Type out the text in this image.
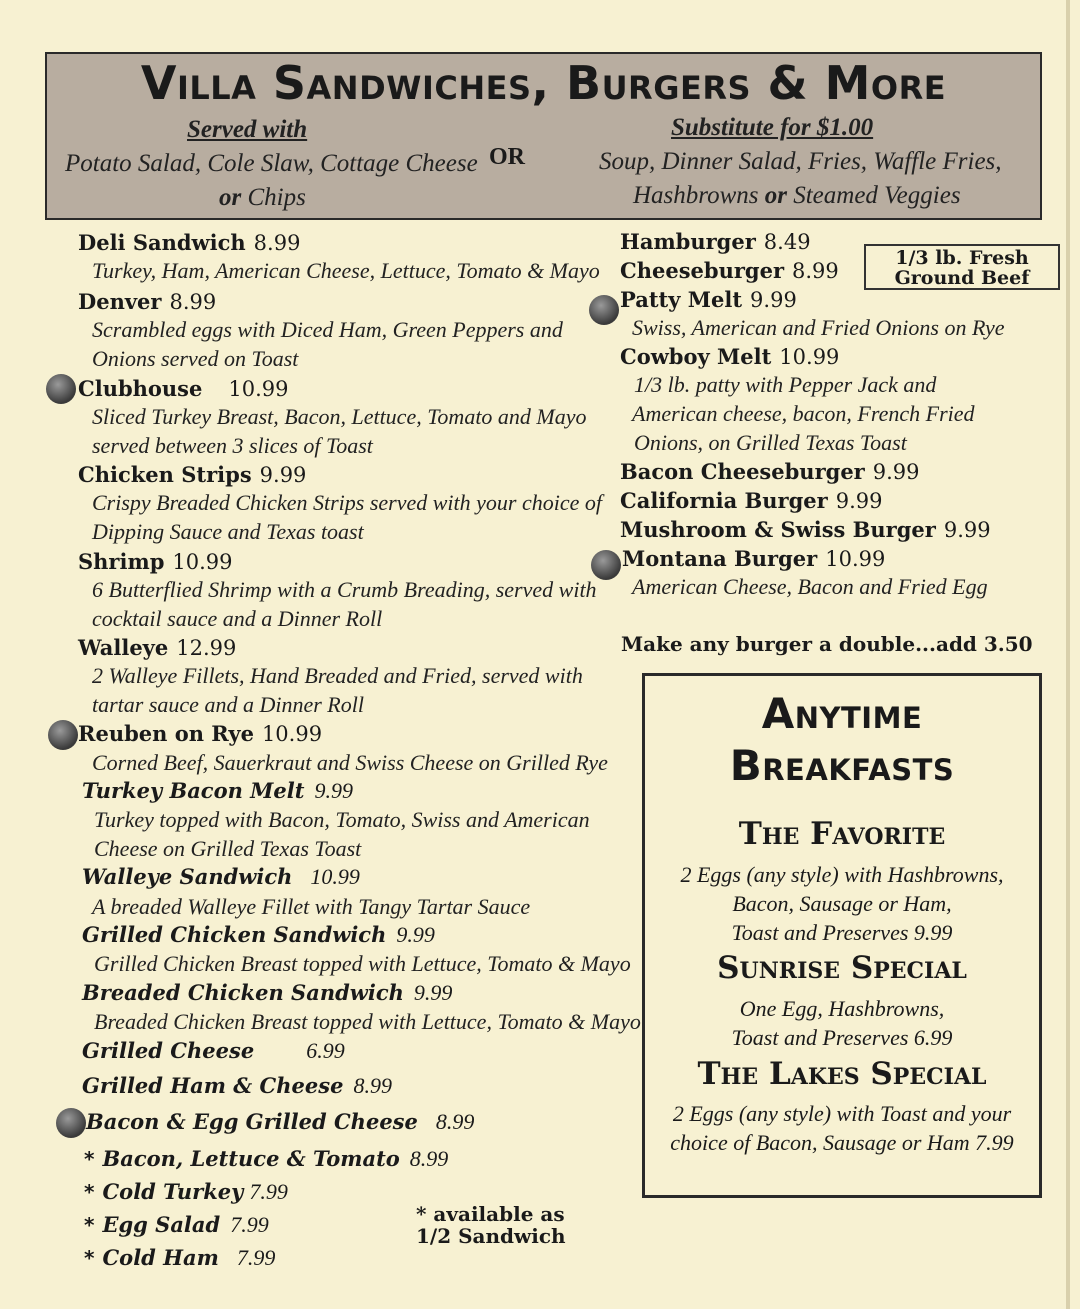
Villa Sandwiches, Burgers & More
Served with
Potato Salad, Cole Slaw, Cottage Cheese
or Chips
OR
Substitute for $1.00
Soup, Dinner Salad, Fries, Waffle Fries,
Hashbrowns or Steamed Veggies
Deli Sandwich 8.99
Turkey, Ham, American Cheese, Lettuce, Tomato & Mayo
Denver 8.99
Scrambled eggs with Diced Ham, Green Peppers and
Onions served on Toast
Clubhouse 10.99
Sliced Turkey Breast, Bacon, Lettuce, Tomato and Mayo
served between 3 slices of Toast
Chicken Strips 9.99
Crispy Breaded Chicken Strips served with your choice of
Dipping Sauce and Texas toast
Shrimp 10.99
6 Butterflied Shrimp with a Crumb Breading, served with
cocktail sauce and a Dinner Roll
Walleye 12.99
2 Walleye Fillets, Hand Breaded and Fried, served with
tartar sauce and a Dinner Roll
Reuben on Rye 10.99
Corned Beef, Sauerkraut and Swiss Cheese on Grilled Rye
Turkey Bacon Melt 9.99
Turkey topped with Bacon, Tomato, Swiss and American
Cheese on Grilled Texas Toast
Walleye Sandwich 10.99
A breaded Walleye Fillet with Tangy Tartar Sauce
Grilled Chicken Sandwich 9.99
Grilled Chicken Breast topped with Lettuce, Tomato & Mayo
Breaded Chicken Sandwich 9.99
Breaded Chicken Breast topped with Lettuce, Tomato & Mayo
Grilled Cheese 6.99
Grilled Ham & Cheese 8.99
Bacon & Egg Grilled Cheese 8.99
* Bacon, Lettuce & Tomato 8.99
* Cold Turkey 7.99
* Egg Salad 7.99
* Cold Ham 7.99
* available as
1/2 Sandwich
Hamburger 8.49
Cheeseburger 8.99
1/3 lb. Fresh
Ground Beef
Patty Melt 9.99
Swiss, American and Fried Onions on Rye
Cowboy Melt 10.99
1/3 lb. patty with Pepper Jack and
American cheese, bacon, French Fried
Onions, on Grilled Texas Toast
Bacon Cheeseburger 9.99
California Burger 9.99
Mushroom & Swiss Burger 9.99
Montana Burger 10.99
American Cheese, Bacon and Fried Egg
Make any burger a double...add 3.50
Anytime
Breakfasts
The Favorite
2 Eggs (any style) with Hashbrowns,
Bacon, Sausage or Ham,
Toast and Preserves 9.99
Sunrise Special
One Egg, Hashbrowns,
Toast and Preserves 6.99
The Lakes Special
2 Eggs (any style) with Toast and your
choice of Bacon, Sausage or Ham 7.99
